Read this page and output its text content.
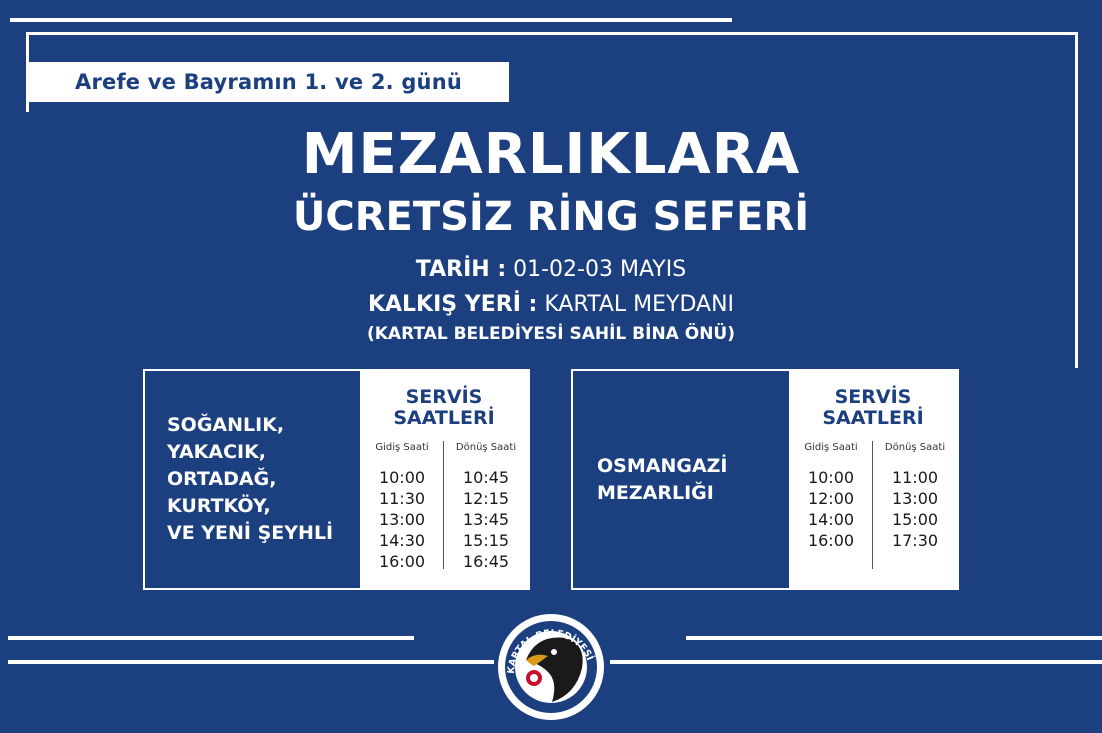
Arefe ve Bayramın 1. ve 2. günü
MEZARLIKLARA
ÜCRETSİZ RİNG SEFERİ
TARİH : 01-02-03 MAYIS
KALKIŞ YERİ : KARTAL MEYDANI
(KARTAL BELEDİYESİ SAHİL BİNA ÖNÜ)
SOĞANLIK,
YAKACIK,
ORTADAĞ,
KURTKÖY,
VE YENİ ŞEYHLİ
SERVİS
SAATLERİ
Gidiş Saati
10:00
11:30
13:00
14:30
16:00
Dönüş Saati
10:45
12:15
13:45
15:15
16:45
OSMANGAZİ
MEZARLIĞI
SERVİS
SAATLERİ
Gidiş Saati
10:00
12:00
14:00
16:00
Dönüş Saati
11:00
13:00
15:00
17:30
KARTAL BELEDİYESİ
